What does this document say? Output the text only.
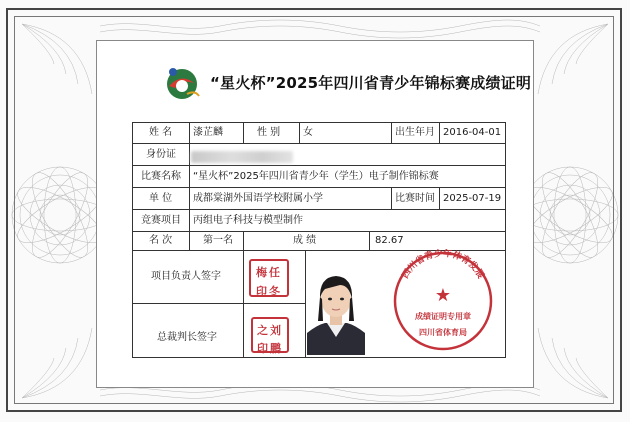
“星火杯”2025年四川省青少年锦标赛成绩证明
姓 名 漆芷麟	性 别 女	出生年月 2016-04-01
身份证
比赛名称 “星火杯”2025年四川省青少年（学生）电子制作锦标赛
单 位 成都棠湖外国语学校附属小学	比赛时间 2025-07-19
竞赛项目 丙组电子科技与模型制作
名 次	第一名	成 绩	82.67
项目负责人签字
总裁判长签字
梅任
印冬
之刘
印鹏
四川省青少年体育发展
★
成绩证明专用章
四川省体育局
